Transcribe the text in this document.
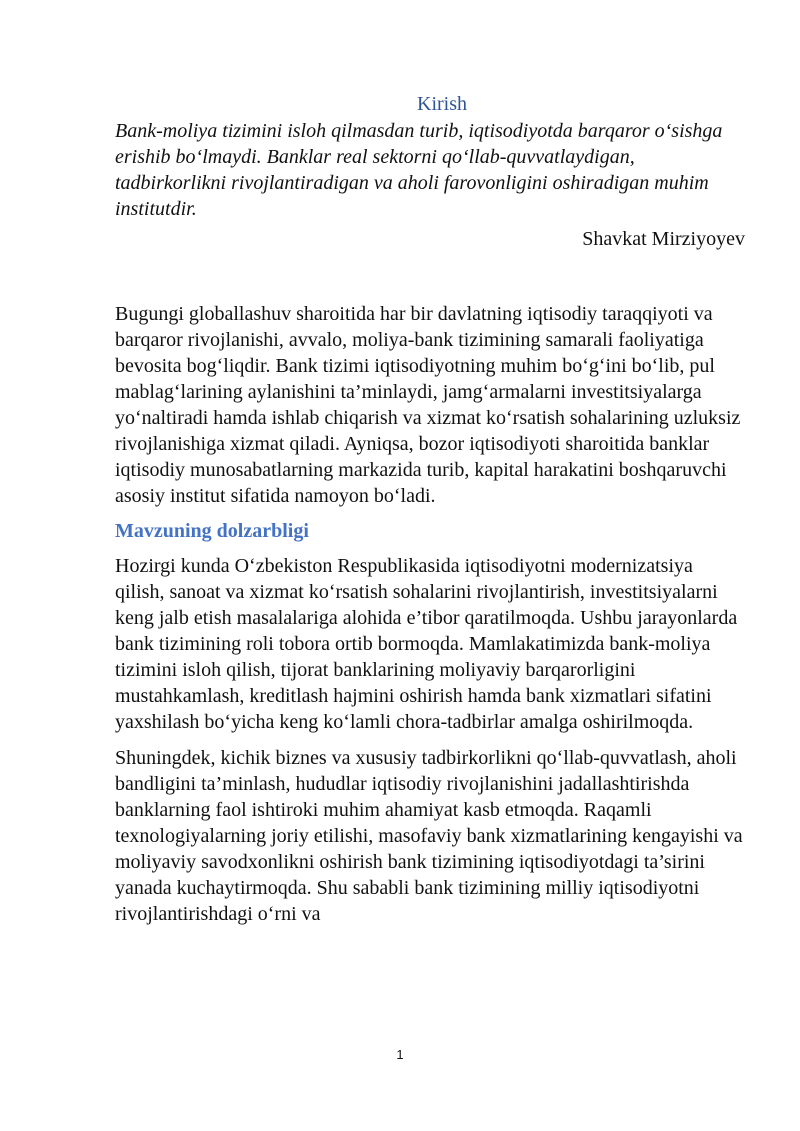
Kirish

Bank-moliya tizimini isloh qilmasdan turib, iqtisodiyotda barqaror o‘sishga erishib bo‘lmaydi. Banklar real sektorni qo‘llab-quvvatlaydigan, tadbirkorlikni rivojlantiradigan va aholi farovonligini oshiradigan muhim institutdir.

Shavkat Mirziyoyev

Bugungi globallashuv sharoitida har bir davlatning iqtisodiy taraqqiyoti va barqaror rivojlanishi, avvalo, moliya-bank tizimining samarali faoliyatiga bevosita bog‘liqdir. Bank tizimi iqtisodiyotning muhim bo‘g‘ini bo‘lib, pul mablag‘larining aylanishini ta’minlaydi, jamg‘armalarni investitsiyalarga yo‘naltiradi hamda ishlab chiqarish va xizmat ko‘rsatish sohalarining uzluksiz rivojlanishiga xizmat qiladi. Ayniqsa, bozor iqtisodiyoti sharoitida banklar iqtisodiy munosabatlarning markazida turib, kapital harakatini boshqaruvchi asosiy institut sifatida namoyon bo‘ladi.

Mavzuning dolzarbligi

Hozirgi kunda O‘zbekiston Respublikasida iqtisodiyotni modernizatsiya qilish, sanoat va xizmat ko‘rsatish sohalarini rivojlantirish, investitsiyalarni keng jalb etish masalalariga alohida e’tibor qaratilmoqda. Ushbu jarayonlarda bank tizimining roli tobora ortib bormoqda. Mamlakatimizda bank-moliya tizimini isloh qilish, tijorat banklarining moliyaviy barqarorligini mustahkamlash, kreditlash hajmini oshirish hamda bank xizmatlari sifatini yaxshilash bo‘yicha keng ko‘lamli chora-tadbirlar amalga oshirilmoqda.

Shuningdek, kichik biznes va xususiy tadbirkorlikni qo‘llab-quvvatlash, aholi bandligini ta’minlash, hududlar iqtisodiy rivojlanishini jadallashtirishda banklarning faol ishtiroki muhim ahamiyat kasb etmoqda. Raqamli texnologiyalarning joriy etilishi, masofaviy bank xizmatlarining kengayishi va moliyaviy savodxonlikni oshirish bank tizimining iqtisodiyotdagi ta’sirini yanada kuchaytirmoqda. Shu sababli bank tizimining milliy iqtisodiyotni rivojlantirishdagi o‘rni va

1
